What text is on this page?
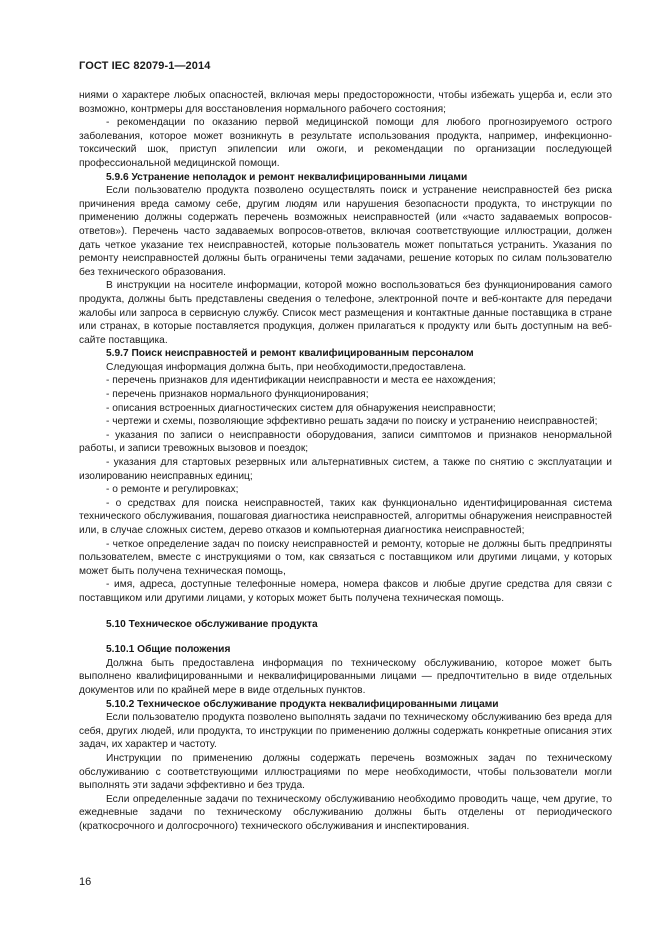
ГОСТ IEC 82079-1—2014

ниями о характере любых опасностей, включая меры предосторожности, чтобы избежать ущерба и, если это возможно, контрмеры для восстановления нормального рабочего состояния;

- рекомендации по оказанию первой медицинской помощи для любого прогнозируемого острого заболевания, которое может возникнуть в результате использования продукта, например, инфекционно-токсический шок, приступ эпилепсии или ожоги, и рекомендации по организации последующей профессиональной медицинской помощи.

5.9.6 Устранение неполадок и ремонт неквалифицированными лицами

Если пользователю продукта позволено осуществлять поиск и устранение неисправностей без риска причинения вреда самому себе, другим людям или нарушения безопасности продукта, то инструкции по применению должны содержать перечень возможных неисправностей (или «часто задаваемых вопросов-ответов»). Перечень часто задаваемых вопросов-ответов, включая соответствующие иллюстрации, должен дать четкое указание тех неисправностей, которые пользователь может попытаться устранить. Указания по ремонту неисправностей должны быть ограничены теми задачами, решение которых по силам пользователю без технического образования.

В инструкции на носителе информации, которой можно воспользоваться без функционирования самого продукта, должны быть представлены сведения о телефоне, электронной почте и веб-контакте для передачи жалобы или запроса в сервисную службу. Список мест размещения и контактные данные поставщика в стране или странах, в которые поставляется продукция, должен прилагаться к продукту или быть доступным на веб-сайте поставщика.

5.9.7 Поиск неисправностей и ремонт квалифицированным персоналом

Следующая информация должна быть, при необходимости,предоставлена.

- перечень признаков для идентификации неисправности и места ее нахождения;

- перечень признаков нормального функционирования;

- описания встроенных диагностических систем для обнаружения неисправности;

- чертежи и схемы, позволяющие эффективно решать задачи по поиску и устранению неисправностей;

- указания по записи о неисправности оборудования, записи симптомов и признаков ненормальной работы, и записи тревожных вызовов и поездок;

- указания для стартовых резервных или альтернативных систем, а также по снятию с эксплуатации и изолированию неисправных единиц;

- о ремонте и регулировках;

- о средствах для поиска неисправностей, таких как функционально идентифицированная система технического обслуживания, пошаговая диагностика неисправностей, алгоритмы обнаружения неисправностей или, в случае сложных систем, дерево отказов и компьютерная диагностика неисправностей;

- четкое определение задач по поиску неисправностей и ремонту, которые не должны быть предприняты пользователем, вместе с инструкциями о том, как связаться с поставщиком или другими лицами, у которых может быть получена техническая помощь,

- имя, адреса, доступные телефонные номера, номера факсов и любые другие средства для связи с поставщиком или другими лицами, у которых может быть получена техническая помощь.

5.10 Техническое обслуживание продукта

5.10.1 Общие положения

Должна быть предоставлена информация по техническому обслуживанию, которое может быть выполнено квалифицированными и неквалифицированными лицами — предпочтительно в виде отдельных документов или по крайней мере в виде отдельных пунктов.

5.10.2 Техническое обслуживание продукта неквалифицированными лицами

Если пользователю продукта позволено выполнять задачи по техническому обслуживанию без вреда для себя, других людей, или продукта, то инструкции по применению должны содержать конкретные описания этих задач, их характер и частоту.

Инструкции по применению должны содержать перечень возможных задач по техническому обслуживанию с соответствующими иллюстрациями по мере необходимости, чтобы пользователи могли выполнять эти задачи эффективно и без труда.

Если определенные задачи по техническому обслуживанию необходимо проводить чаще, чем другие, то ежедневные задачи по техническому обслуживанию должны быть отделены от периодического (краткосрочного и долгосрочного) технического обслуживания и инспектирования.

16
